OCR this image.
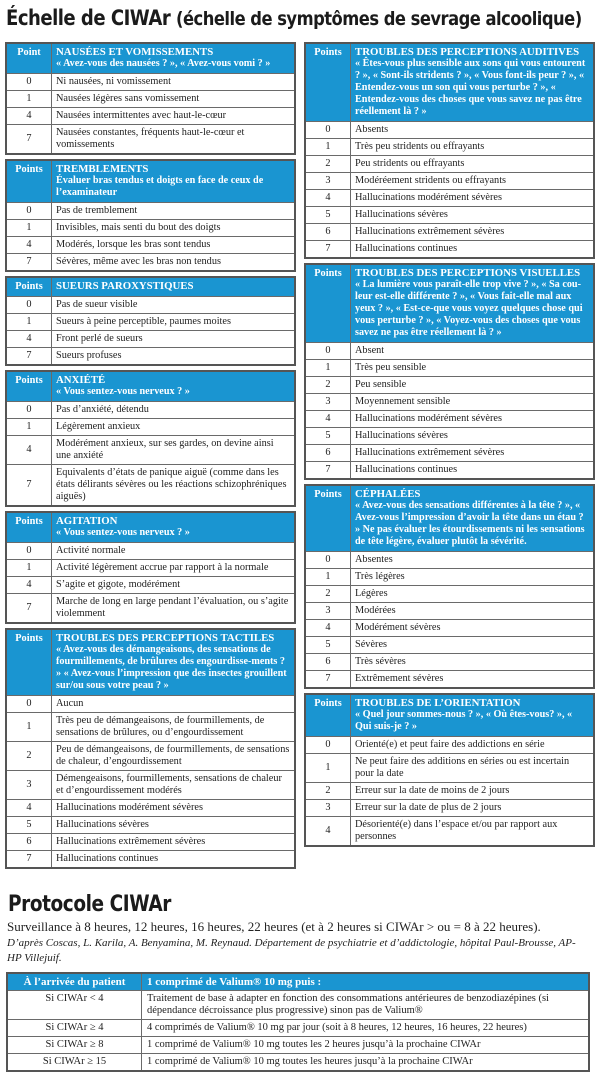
Échelle de CIWAr (échelle de symptômes de sevrage alcoolique)
Point	NAUSÉES ET VOMISSEMENTS
« Avez-vous des nausées ? », « Avez-vous vomi ? »

0	Ni nausées, ni vomissement
1	Nausées légères sans vomissement
4	Nausées intermittentes avec haut-le-cœur
7	Nausées constantes, fréquents haut-le-cœur et vomissements
Points	TREMBLEMENTS
Évaluer bras tendus et doigts en face de ceux de l’examinateur

0	Pas de tremblement
1	Invisibles, mais senti du bout des doigts
4	Modérés, lorsque les bras sont tendus
7	Sévères, même avec les bras non tendus
Points	SUEURS PAROXYSTIQUES

0	Pas de sueur visible
1	Sueurs à peine perceptible, paumes moites
4	Front perlé de sueurs
7	Sueurs profuses
Points	ANXIÉTÉ
« Vous sentez-vous nerveux ? »

0	Pas d’anxiété, détendu
1	Légèrement anxieux
4	Modérément anxieux, sur ses gardes, on devine ainsi une anxiété
7	Equivalents d’états de panique aiguë (comme dans les états délirants sévères ou les réactions schizophréniques aiguës)
Points	AGITATION
« Vous sentez-vous nerveux ? »

0	Activité normale
1	Activité légèrement accrue par rapport à la normale
4	S’agite et gigote, modérément
7	Marche de long en large pendant l’évaluation, ou s’agite violemment
Points	TROUBLES DES PERCEPTIONS TACTILES
« Avez-vous des démangeaisons, des sensations de fourmillements, de brûlures des engourdisse-ments ? » « Avez-vous l’impression que des insectes grouillent sur/ou sous votre peau ? »

0	Aucun
1	Très peu de démangeaisons, de fourmillements, de sensations de brûlures, ou d’engourdissement
2	Peu de démangeaisons, de fourmillements, de sensations de chaleur, d’engourdissement
3	Démengeaisons, fourmillements, sensations de chaleur et d’engourdissement modérés
4	Hallucinations modérément sévères
5	Hallucinations sévères
6	Hallucinations extrêmement sévères
7	Hallucinations continues
Points	TROUBLES DES PERCEPTIONS AUDITIVES
« Êtes-vous plus sensible aux sons qui vous entourent ? », « Sont-ils stridents ? », « Vous font-ils peur ? », « Entendez-vous un son qui vous perturbe ? », « Entendez-vous des choses que vous savez ne pas être réellement là ? »

0	Absents
1	Très peu stridents ou effrayants
2	Peu stridents ou effrayants
3	Modéréement stridents ou effrayants
4	Hallucinations modérément sévères
5	Hallucinations sévères
6	Hallucinations extrêmement sévères
7	Hallucinations continues
Points	TROUBLES DES PERCEPTIONS VISUELLES
« La lumière vous paraît-elle trop vive ? », « Sa cou-leur est-elle différente ? », « Vous fait-elle mal aux yeux ? », « Est-ce-que vous voyez quelques chose qui vous perturbe ? », « Voyez-vous des choses que vous savez ne pas être réellement là ? »

0	Absent
1	Très peu sensible
2	Peu sensible
3	Moyennement sensible
4	Hallucinations modérément sévères
5	Hallucinations sévères
6	Hallucinations extrêmement sévères
7	Hallucinations continues
Points	CÉPHALÉES
« Avez-vous des sensations différentes à la tête ? », « Avez-vous l’impression d’avoir la tête dans un étau ? » Ne pas évaluer les étourdissements ni les sensations de tête légère, évaluer plutôt la sévérité.

0	Absentes
1	Très légères
2	Légères
3	Modérées
4	Modérément sévères
5	Sévères
6	Très sévères
7	Extrêmement sévères
Points	TROUBLES DE L’ORIENTATION
« Quel jour sommes-nous ? », « Où êtes-vous? », « Qui suis-je ? »

0	Orienté(e) et peut faire des addictions en série
1	Ne peut faire des additions en séries ou est incertain pour la date
2	Erreur sur la date de moins de 2 jours
3	Erreur sur la date de plus de 2 jours
4	Désorienté(e) dans l’espace et/ou par rapport aux personnes
Protocole CIWAr
Surveillance à 8 heures, 12 heures, 16 heures, 22 heures (et à 2 heures si CIWAr > ou = 8 à 22 heures).
D’après Coscas, L. Karila, A. Benyamina, M. Reynaud. Département de psychiatrie et d’addictologie, hôpital Paul-Brousse, AP-HP Villejuif.
À l’arrivée du patient	1 comprimé de Valium® 10 mg puis :
Si CIWAr < 4	Traitement de base à adapter en fonction des consommations antérieures de benzodiazépines (si dépendance décroissance plus progressive) sinon pas de Valium®
Si CIWAr ≥ 4	4 comprimés de Valium® 10 mg par jour (soit à 8 heures, 12 heures, 16 heures, 22 heures)
Si CIWAr ≥ 8	1 comprimé de Valium® 10 mg toutes les 2 heures jusqu’à la prochaine CIWAr
Si CIWAr ≥ 15	1 comprimé de Valium® 10 mg toutes les heures jusqu’à la prochaine CIWAr
